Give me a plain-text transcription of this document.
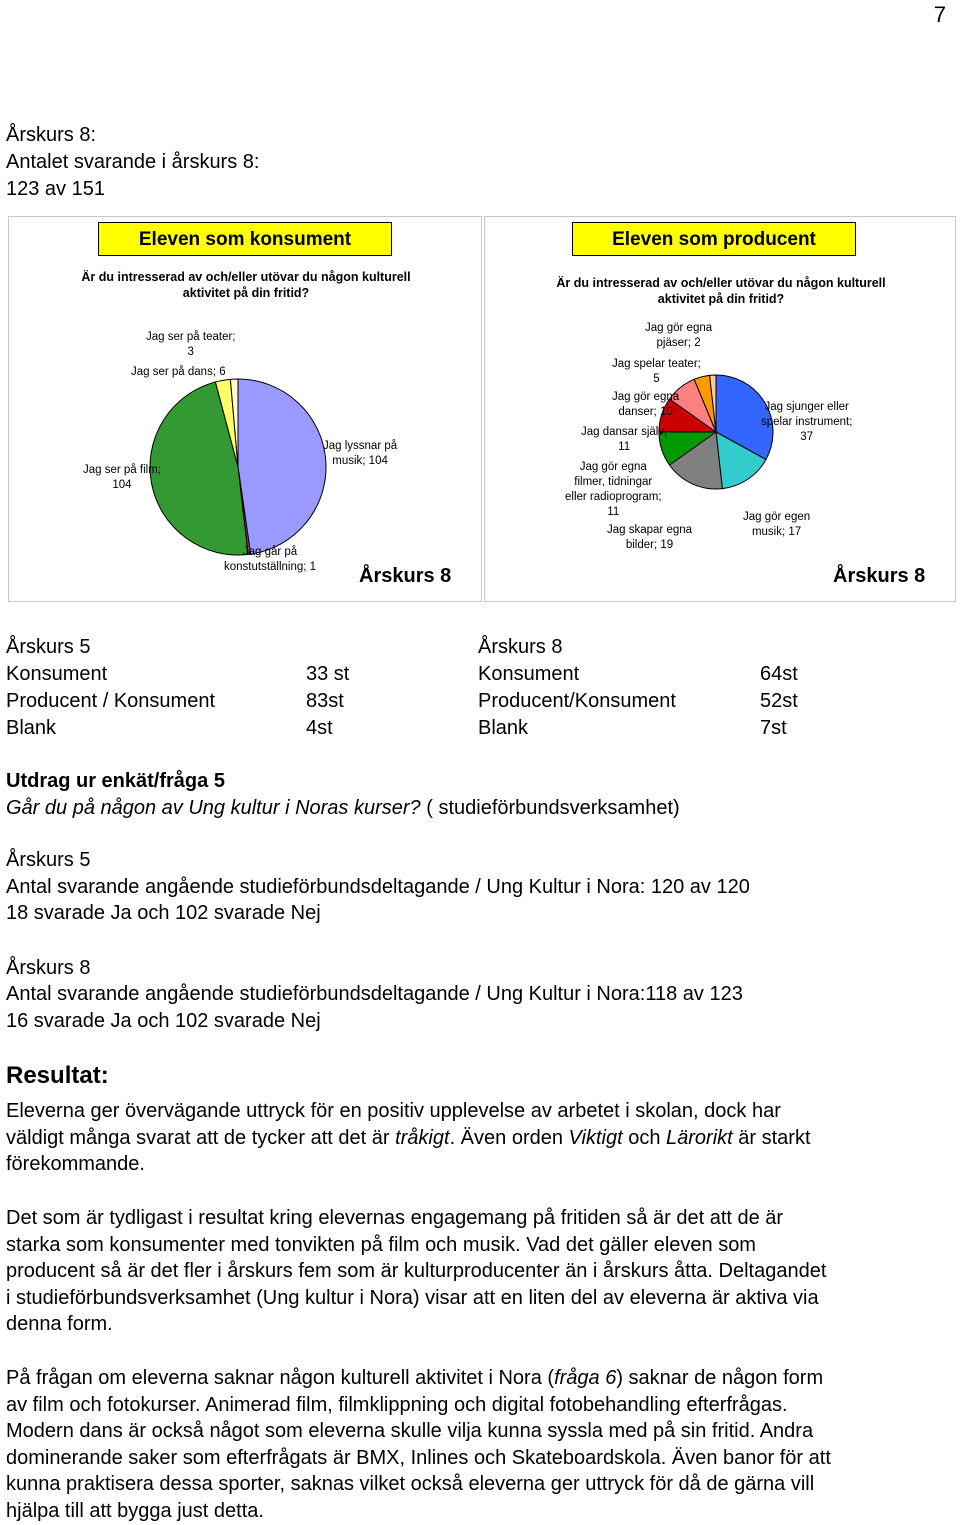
7
Årskurs 8:
Antalet svarande i årskurs 8:
123 av 151
Eleven som konsument
Är du intresserad av och/eller utövar du någon kulturell
aktivitet på din fritid?
Jag lyssnar på
musik; 104
Jag går på
konstutställning; 1
Jag ser på film;
104
Jag ser på dans; 6
Jag ser på teater;
3
Årskurs 8
Eleven som producent
Är du intresserad av och/eller utövar du någon kulturell
aktivitet på din fritid?
Jag sjunger eller
spelar instrument;
37
Jag gör egen
musik; 17
Jag skapar egna
bilder; 19
Jag gör egna
filmer, tidningar
eller radioprogram;
11
Jag dansar själv;
11
Jag gör egna
danser; 10
Jag spelar teater;
5
Jag gör egna
pjäser; 2
Årskurs 8
Årskurs 5	Årskurs 8
Konsument	33 st	Konsument	64st
Producent / Konsument	83st	Producent/Konsument	52st
Blank	4st	Blank	7st
Utdrag ur enkät/fråga 5
Går du på någon av Ung kultur i Noras kurser? ( studieförbundsverksamhet)
Årskurs 5
Antal svarande angående studieförbundsdeltagande / Ung Kultur i Nora: 120 av 120
18 svarade Ja och 102 svarade Nej
Årskurs 8
Antal svarande angående studieförbundsdeltagande / Ung Kultur i Nora:118 av 123
16 svarade Ja och 102 svarade Nej
Resultat:
Eleverna ger övervägande uttryck för en positiv upplevelse av arbetet i skolan, dock har
väldigt många svarat att de tycker att det är tråkigt. Även orden Viktigt och Lärorikt är starkt
förekommande.
Det som är tydligast i resultat kring elevernas engagemang på fritiden så är det att de är
starka som konsumenter med tonvikten på film och musik. Vad det gäller eleven som
producent så är det fler i årskurs fem som är kulturproducenter än i årskurs åtta. Deltagandet
i studieförbundsverksamhet (Ung kultur i Nora) visar att en liten del av eleverna är aktiva via
denna form.
På frågan om eleverna saknar någon kulturell aktivitet i Nora (fråga 6) saknar de någon form
av film och fotokurser. Animerad film, filmklippning och digital fotobehandling efterfrågas.
Modern dans är också något som eleverna skulle vilja kunna syssla med på sin fritid. Andra
dominerande saker som efterfrågats är BMX, Inlines och Skateboardskola. Även banor för att
kunna praktisera dessa sporter, saknas vilket också eleverna ger uttryck för då de gärna vill
hjälpa till att bygga just detta.
